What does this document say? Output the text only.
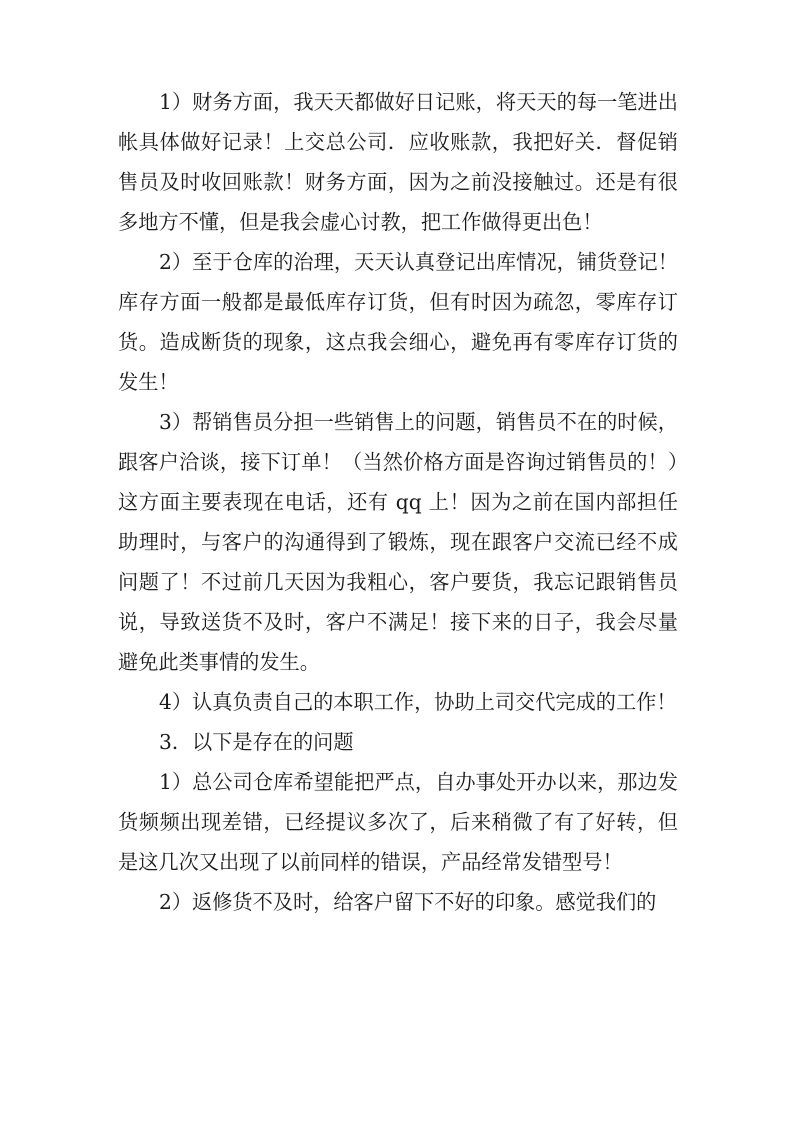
1）财务方面，我天天都做好日记账，将天天的每一笔进出帐具体做好记录！上交总公司．应收账款，我把好关．督促销售员及时收回账款！财务方面，因为之前没接触过。还是有很多地方不懂，但是我会虚心讨教，把工作做得更出色！

2）至于仓库的治理，天天认真登记出库情况，铺货登记！库存方面一般都是最低库存订货，但有时因为疏忽，零库存订货。造成断货的现象，这点我会细心，避免再有零库存订货的发生！

3）帮销售员分担一些销售上的问题，销售员不在的时候，跟客户洽谈，接下订单！（当然价格方面是咨询过销售员的！）这方面主要表现在电话，还有 qq 上！因为之前在国内部担任助理时，与客户的沟通得到了锻炼，现在跟客户交流已经不成问题了！不过前几天因为我粗心，客户要货，我忘记跟销售员说，导致送货不及时，客户不满足！接下来的日子，我会尽量避免此类事情的发生。

4）认真负责自己的本职工作，协助上司交代完成的工作！

3．以下是存在的问题

1）总公司仓库希望能把严点，自办事处开办以来，那边发货频频出现差错，已经提议多次了，后来稍微了有了好转，但是这几次又出现了以前同样的错误，产品经常发错型号！

2）返修货不及时，给客户留下不好的印象。感觉我们的
